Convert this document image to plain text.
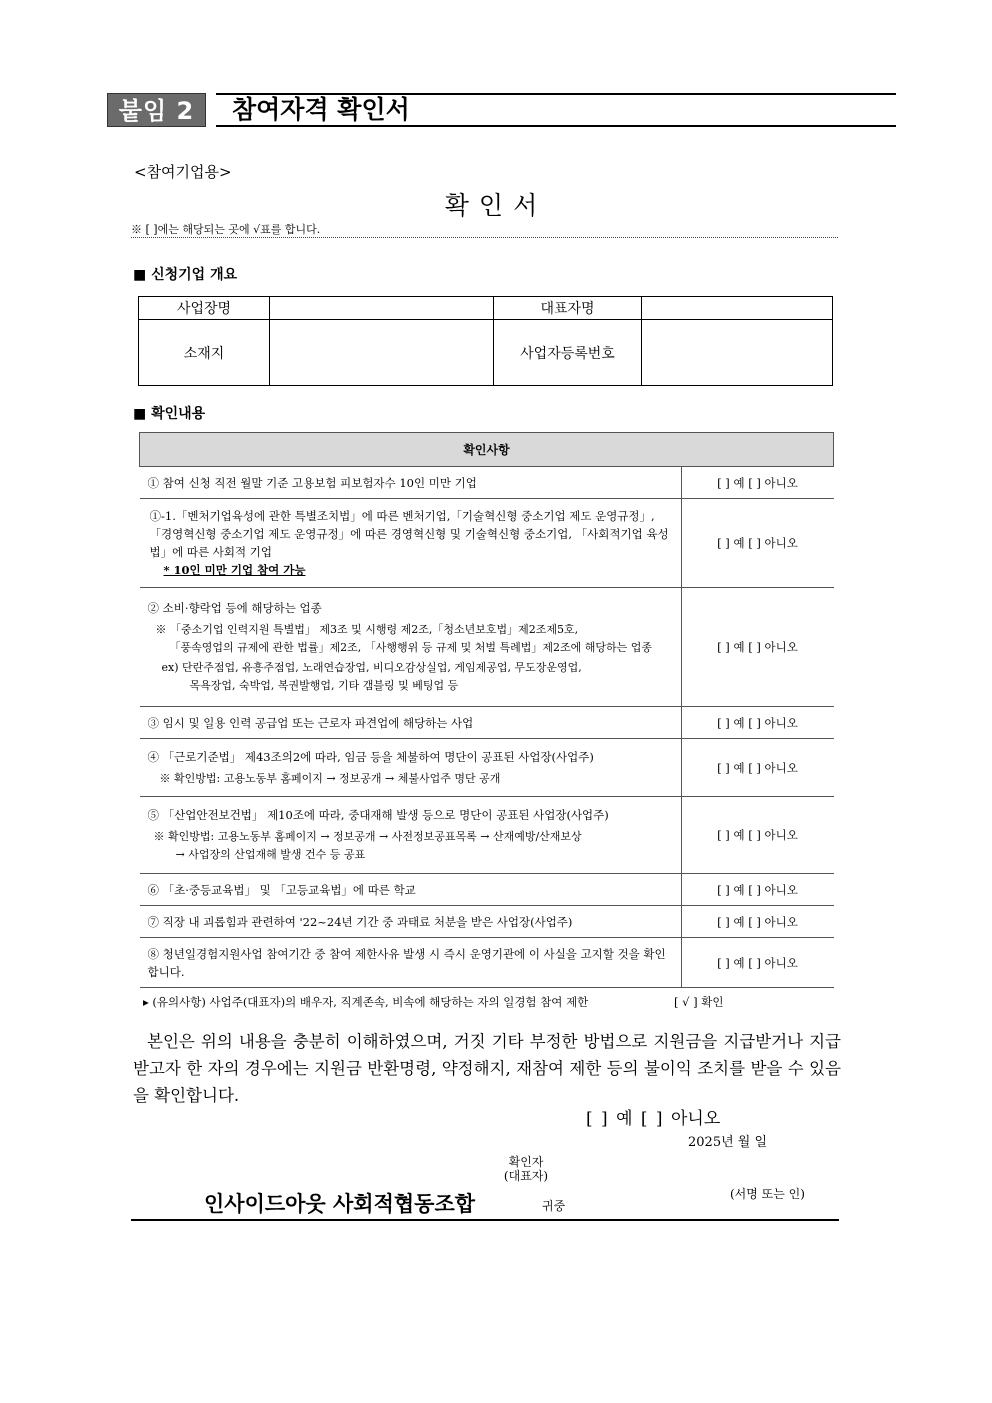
붙임 2	참여자격 확인서
<참여기업용>
확인서
※ [ ]에는 해당되는 곳에 √표를 합니다.
■ 신청기업 개요
사업장명		대표자명	
소재지		사업자등록번호	
■ 확인내용
확인사항	
① 참여 신청 직전 월말 기준 고용보험 피보험자수 10인 미만 기업	[ ] 예 [ ] 아니오

①-1.「벤처기업육성에 관한 특별조치법」에 따른 벤처기업,「기술혁신형 중소기업 제도 운영규정」,「경영혁신형 중소기업 제도 운영규정」에 따른 경영혁신형 및 기술혁신형 중소기업, 「사회적기업 육성법」에 따른 사회적 기업
* 10인 미만 기업 참여 가능	[ ] 예 [ ] 아니오

② 소비·향락업 등에 해당하는 업종
※ 「중소기업 인력지원 특별법」 제3조 및 시행령 제2조,「청소년보호법」제2조제5호,
「풍속영업의 규제에 관한 법률」제2조, 「사행행위 등 규제 및 처벌 특례법」제2조에 해당하는 업종
ex) 단란주점업, 유흥주점업, 노래연습장업, 비디오감상실업, 게임제공업, 무도장운영업,
목욕장업, 숙박업, 복권발행업, 기타 갬블링 및 베팅업 등	[ ] 예 [ ] 아니오
③ 임시 및 일용 인력 공급업 또는 근로자 파견업에 해당하는 사업	[ ] 예 [ ] 아니오

④ 「근로기준법」 제43조의2에 따라, 임금 등을 체불하여 명단이 공표된 사업장(사업주)
※ 확인방법: 고용노동부 홈페이지 → 정보공개 → 체불사업주 명단 공개	[ ] 예 [ ] 아니오

⑤ 「산업안전보건법」 제10조에 따라, 중대재해 발생 등으로 명단이 공표된 사업장(사업주)
※ 확인방법: 고용노동부 홈페이지 → 정보공개 → 사전정보공표목록 → 산재예방/산재보상
→ 사업장의 산업재해 발생 건수 등 공표	[ ] 예 [ ] 아니오
⑥ 「초·중등교육법」 및 「고등교육법」에 따른 학교	[ ] 예 [ ] 아니오
⑦ 직장 내 괴롭힘과 관련하여 '22~24년 기간 중 과태료 처분을 받은 사업장(사업주)	[ ] 예 [ ] 아니오
⑧ 청년일경험지원사업 참여기간 중 참여 제한사유 발생 시 즉시 운영기관에 이 사실을 고지할 것을 확인합니다.	[ ] 예 [ ] 아니오
▸ (유의사항) 사업주(대표자)의 배우자, 직계존속, 비속에 해당하는 자의 일경험 참여 제한	[ √ ] 확인
본인은 위의 내용을 충분히 이해하였으며, 거짓 기타 부정한 방법으로 지원금을 지급받거나 지급받고자 한 자의 경우에는 지원금 반환명령, 약정해지, 재참여 제한 등의 불이익 조치를 받을 수 있음을 확인합니다.
[ ] 예 [ ] 아니오
2025년 월 일
확인자
(대표자)
인사이드아웃 사회적협동조합	귀중
(서명 또는 인)
